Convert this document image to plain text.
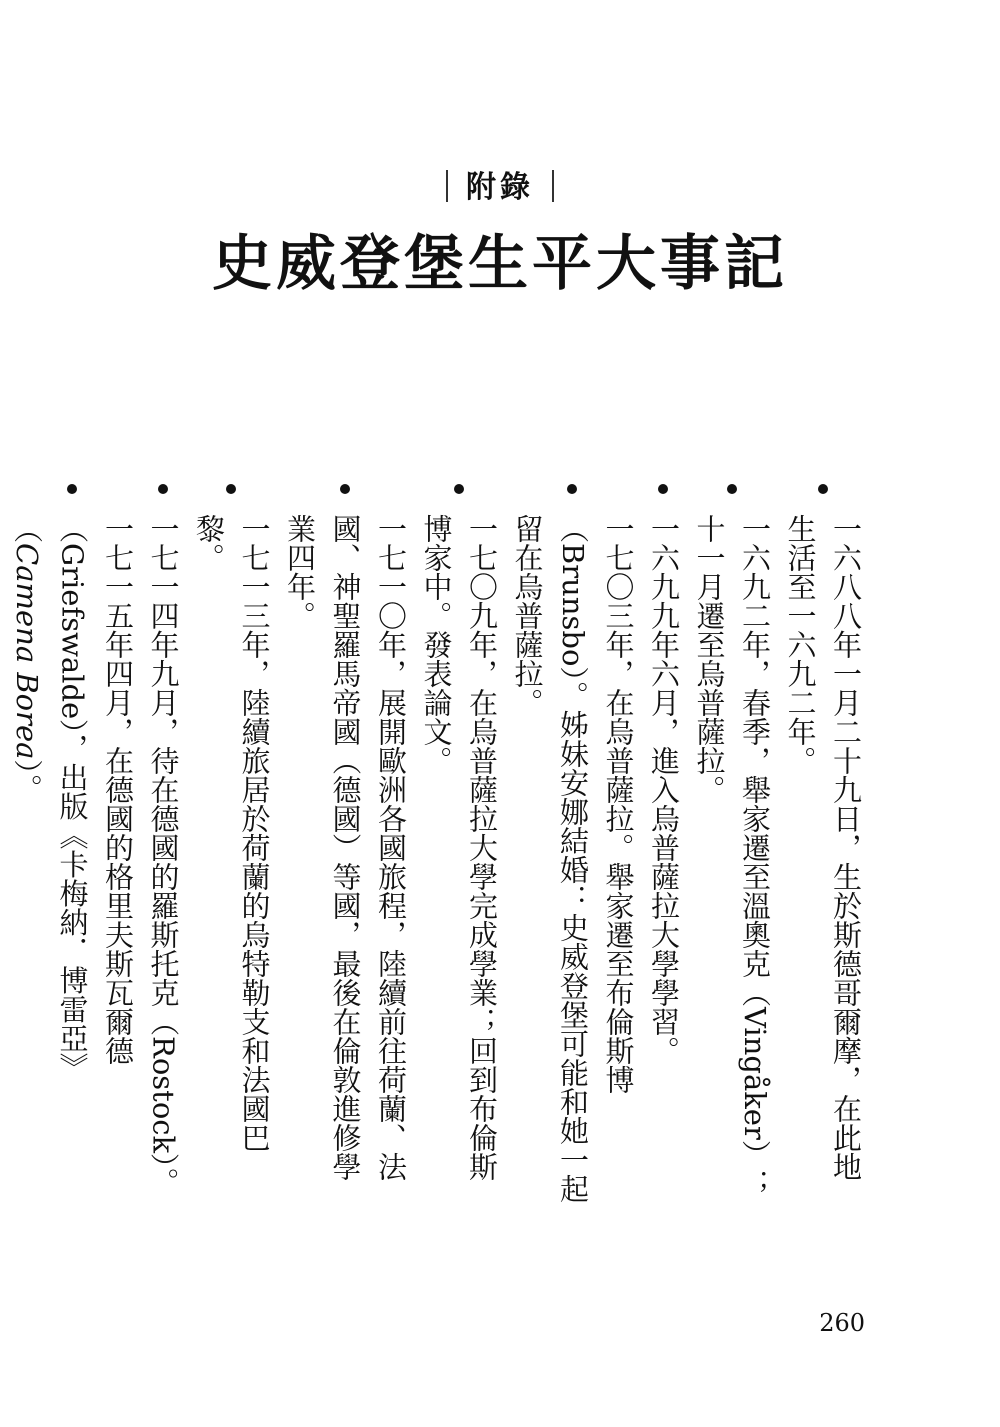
附錄
史威登堡生平大事記
一六八八年一月二十九日，生於斯德哥爾摩，在此地生活至一六九二年。
一六九二年，春季，舉家遷至溫奧克（Vingåker）；十一月遷至烏普薩拉。
一六九九年六月，進入烏普薩拉大學學習。
一七〇三年，在烏普薩拉。舉家遷至布倫斯博（Brunsbo）。姊妹安娜結婚：史威登堡可能和她一起留在烏普薩拉。
一七〇九年，在烏普薩拉大學完成學業；回到布倫斯博家中。發表論文。
一七一〇年，展開歐洲各國旅程，陸續前往荷蘭、法國、神聖羅馬帝國（德國）等國，最後在倫敦進修學業四年。
一七一三年，陸續旅居於荷蘭的烏特勒支和法國巴黎。
一七一四年九月，待在德國的羅斯托克（Rostock）。
一七一五年四月，在德國的格里夫斯瓦爾德（Griefswalde），出版《卡梅納．博雷亞》（Camena Borea）。
260
